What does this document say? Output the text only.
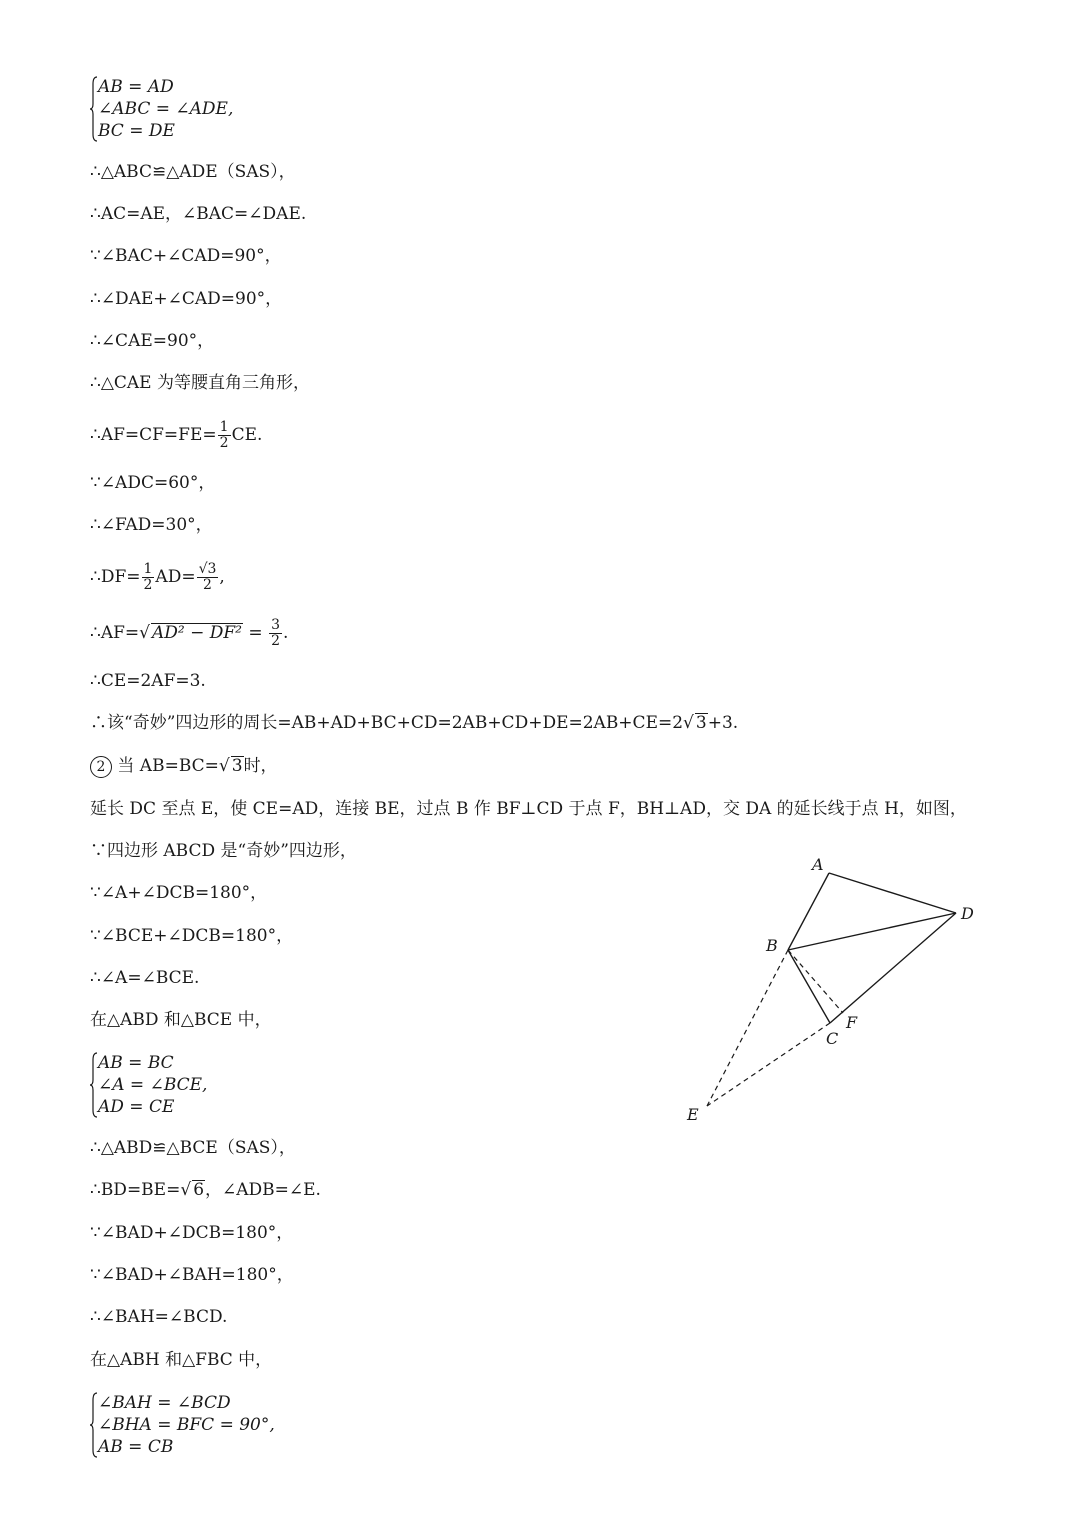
AB = AD
∠ABC = ∠ADE,
BC = DE
∴△ABC≌△ADE（SAS），
∴AC=AE，∠BAC=∠DAE.
∵∠BAC+∠CAD=90°，
∴∠DAE+∠CAD=90°，
∴∠CAE=90°，
∴△CAE 为等腰直角三角形，
∴AF=CF=FE= $\frac{1}{2}$ CE.
∵∠ADC=60°，
∴∠FAD=30°，
∴DF= $\frac{1}{2} AD= \frac{√3}{2}$ ,
∴AF=√ $AD^2 - DF^2 = \frac{3}{2}$ .
∴CE=2AF=3.
∴该“奇妙”四边形的周长=AB+AD+BC+CD=2AB+CD+DE=2AB+CE=2√ 3+3.
2 当 AB=BC=√ 3时，
延长 DC 至点 E，使 CE=AD，连接 BE，过点 B 作 BF⊥CD 于点 F，BH⊥AD，交 DA 的延长线于点 H，如图，
∵四边形 ABCD 是“奇妙”四边形，
∵∠A+∠DCB=180°，
∵∠BCE+∠DCB=180°，
∴∠A=∠BCE.
在△ABD 和△BCE 中，
AB = BC
∠A = ∠BCE,
AD = CE
∴△ABD≌△BCE（SAS），
∴BD=BE=√ 6，∠ADB=∠E.
∵∠BAD+∠DCB=180°，
∵∠BAD+∠BAH=180°，
∴∠BAH=∠BCD.
在△ABH 和△FBC 中，
∠BAH = ∠BCD
∠BHA = BFC = 90°,
AB = CB
A
B
D
F
C
E
